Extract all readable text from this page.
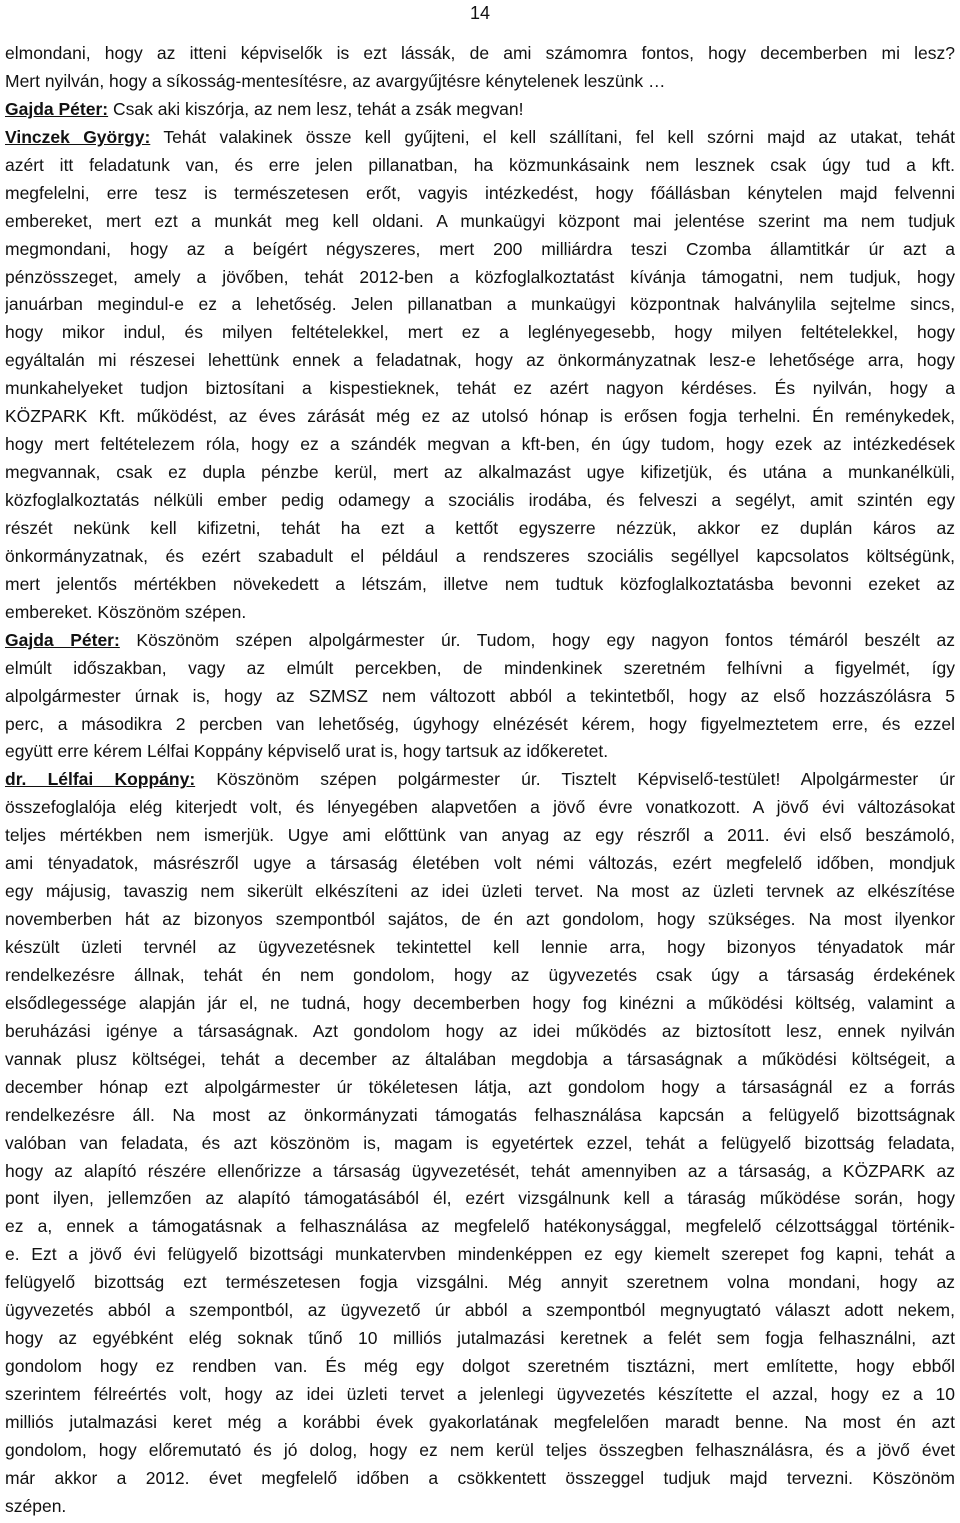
14
elmondani, hogy az itteni képviselők is ezt lássák, de ami számomra fontos, hogy decemberben mi lesz?
Mert nyilván, hogy a síkosság-mentesítésre, az avargyűjtésre kénytelenek leszünk …
Gajda Péter: Csak aki kiszórja, az nem lesz, tehát a zsák megvan!
Vinczek György: Tehát valakinek össze kell gyűjteni, el kell szállítani, fel kell szórni majd az utakat, tehát
azért itt feladatunk van, és erre jelen pillanatban, ha közmunkásaink nem lesznek csak úgy tud a kft.
megfelelni, erre tesz is természetesen erőt, vagyis intézkedést, hogy főállásban kénytelen majd felvenni
embereket, mert ezt a munkát meg kell oldani. A munkaügyi központ mai jelentése szerint ma nem tudjuk
megmondani, hogy az a beígért négyszeres, mert 200 milliárdra teszi Czomba államtitkár úr azt a
pénzösszeget, amely a jövőben, tehát 2012-ben a közfoglalkoztatást kívánja támogatni, nem tudjuk, hogy
januárban megindul-e ez a lehetőség. Jelen pillanatban a munkaügyi központnak halványlila sejtelme sincs,
hogy mikor indul, és milyen feltételekkel, mert ez a leglényegesebb, hogy milyen feltételekkel, hogy
egyáltalán mi részesei lehettünk ennek a feladatnak, hogy az önkormányzatnak lesz-e lehetősége arra, hogy
munkahelyeket tudjon biztosítani a kispestieknek, tehát ez azért nagyon kérdéses. És nyilván, hogy a
KÖZPARK Kft. működést, az éves zárását még ez az utolsó hónap is erősen fogja terhelni. Én reménykedek,
hogy mert feltételezem róla, hogy ez a szándék megvan a kft-ben, én úgy tudom, hogy ezek az intézkedések
megvannak, csak ez dupla pénzbe kerül, mert az alkalmazást ugye kifizetjük, és utána a munkanélküli,
közfoglalkoztatás nélküli ember pedig odamegy a szociális irodába, és felveszi a segélyt, amit szintén egy
részét nekünk kell kifizetni, tehát ha ezt a kettőt egyszerre nézzük, akkor ez duplán káros az
önkormányzatnak, és ezért szabadult el például a rendszeres szociális segéllyel kapcsolatos költségünk,
mert jelentős mértékben növekedett a létszám, illetve nem tudtuk közfoglalkoztatásba bevonni ezeket az
embereket. Köszönöm szépen.
Gajda Péter: Köszönöm szépen alpolgármester úr. Tudom, hogy egy nagyon fontos témáról beszélt az
elmúlt időszakban, vagy az elmúlt percekben, de mindenkinek szeretném felhívni a figyelmét, így
alpolgármester úrnak is, hogy az SZMSZ nem változott abból a tekintetből, hogy az első hozzászólásra 5
perc, a másodikra 2 percben van lehetőség, úgyhogy elnézését kérem, hogy figyelmeztetem erre, és ezzel
együtt erre kérem Lélfai Koppány képviselő urat is, hogy tartsuk az időkeretet.
dr. Lélfai Koppány: Köszönöm szépen polgármester úr. Tisztelt Képviselő-testület! Alpolgármester úr
összefoglalója elég kiterjedt volt, és lényegében alapvetően a jövő évre vonatkozott. A jövő évi változásokat
teljes mértékben nem ismerjük. Ugye ami előttünk van anyag az egy részről a 2011. évi első beszámoló,
ami tényadatok, másrészről ugye a társaság életében volt némi változás, ezért megfelelő időben, mondjuk
egy májusig, tavaszig nem sikerült elkészíteni az idei üzleti tervet. Na most az üzleti tervnek az elkészítése
novemberben hát az bizonyos szempontból sajátos, de én azt gondolom, hogy szükséges. Na most ilyenkor
készült üzleti tervnél az ügyvezetésnek tekintettel kell lennie arra, hogy bizonyos tényadatok már
rendelkezésre állnak, tehát én nem gondolom, hogy az ügyvezetés csak úgy a társaság érdekének
elsődlegessége alapján jár el, ne tudná, hogy decemberben hogy fog kinézni a működési költség, valamint a
beruházási igénye a társaságnak. Azt gondolom hogy az idei működés az biztosított lesz, ennek nyilván
vannak plusz költségei, tehát a december az általában megdobja a társaságnak a működési költségeit, a
december hónap ezt alpolgármester úr tökéletesen látja, azt gondolom hogy a társaságnál ez a forrás
rendelkezésre áll. Na most az önkormányzati támogatás felhasználása kapcsán a felügyelő bizottságnak
valóban van feladata, és azt köszönöm is, magam is egyetértek ezzel, tehát a felügyelő bizottság feladata,
hogy az alapító részére ellenőrizze a társaság ügyvezetését, tehát amennyiben az a társaság, a KÖZPARK az
pont ilyen, jellemzően az alapító támogatásából él, ezért vizsgálnunk kell a táraság működése során, hogy
ez a, ennek a támogatásnak a felhasználása az megfelelő hatékonysággal, megfelelő célzottsággal történik-
e. Ezt a jövő évi felügyelő bizottsági munkatervben mindenképpen ez egy kiemelt szerepet fog kapni, tehát a
felügyelő bizottság ezt természetesen fogja vizsgálni. Még annyit szeretnem volna mondani, hogy az
ügyvezetés abból a szempontból, az ügyvezető úr abból a szempontból megnyugtató választ adott nekem,
hogy az egyébként elég soknak tűnő 10 milliós jutalmazási keretnek a felét sem fogja felhasználni, azt
gondolom hogy ez rendben van. És még egy dolgot szeretném tisztázni, mert említette, hogy ebből
szerintem félreértés volt, hogy az idei üzleti tervet a jelenlegi ügyvezetés készítette el azzal, hogy ez a 10
milliós jutalmazási keret még a korábbi évek gyakorlatának megfelelően maradt benne. Na most én azt
gondolom, hogy előremutató és jó dolog, hogy ez nem kerül teljes összegben felhasználásra, és a jövő évet
már akkor a 2012. évet megfelelő időben a csökkentett összeggel tudjuk majd tervezni. Köszönöm
szépen.
